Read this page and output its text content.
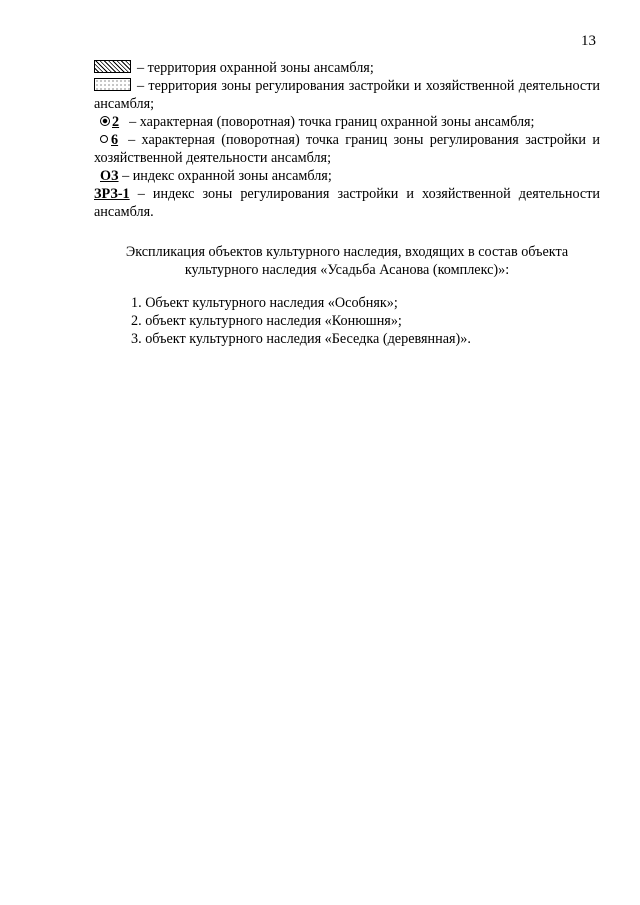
13

– территория охранной зоны ансамбля;

– территория зоны регулирования застройки и хозяйственной деятельности ансамбля;

2 – характерная (поворотная) точка границ охранной зоны ансамбля;

6 – характерная (поворотная) точка границ зоны регулирования застройки и хозяйственной деятельности ансамбля;

ОЗ – индекс охранной зоны ансамбля;

ЗРЗ-1 – индекс зоны регулирования застройки и хозяйственной деятельности ансамбля.

Экспликация объектов культурного наследия, входящих в состав объекта
культурного наследия «Усадьба Асанова (комплекс)»:
1. Объект культурного наследия «Особняк»;
2. объект культурного наследия «Конюшня»;
3. объект культурного наследия «Беседка (деревянная)».
